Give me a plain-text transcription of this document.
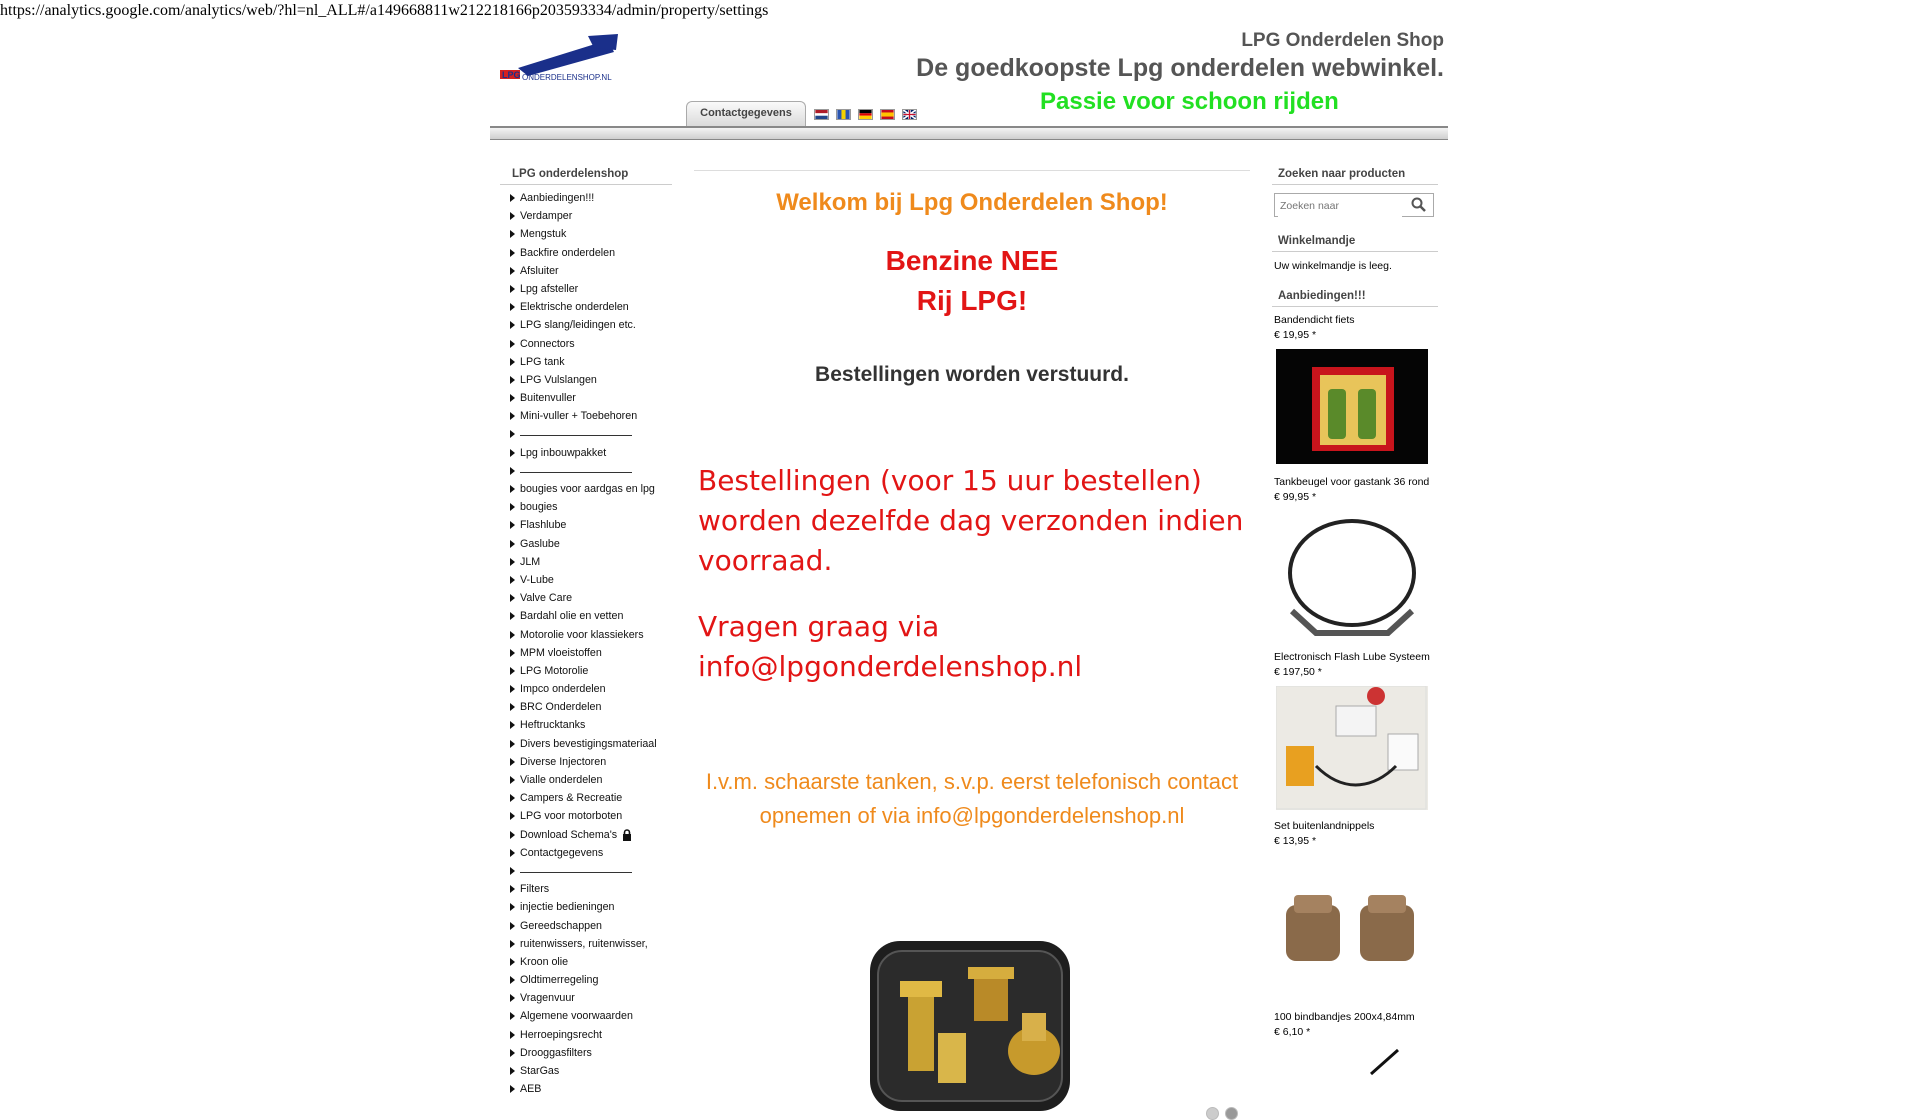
https://analytics.google.com/analytics/web/?hl=nl_ALL#/a149668811w212218166p203593334/admin/property/settings
LPG ONDERDELENSHOP.NL
LPG Onderdelen Shop
De goedkoopste Lpg onderdelen webwinkel.
Passie voor schoon rijden
Contactgegevens
LPG onderdelenshop
Aanbiedingen!!!
Verdamper
Mengstuk
Backfire onderdelen
Afsluiter
Lpg afsteller
Elektrische onderdelen
LPG slang/leidingen etc.
Connectors
LPG tank
LPG Vulslangen
Buitenvuller
Mini-vuller + Toebehoren
Lpg inbouwpakket
bougies voor aardgas en lpg
bougies
Flashlube
Gaslube
JLM
V-Lube
Valve Care
Bardahl olie en vetten
Motorolie voor klassiekers
MPM vloeistoffen
LPG Motorolie
Impco onderdelen
BRC Onderdelen
Heftrucktanks
Divers bevestigingsmateriaal
Diverse Injectoren
Vialle onderdelen
Campers & Recreatie
LPG voor motorboten
Download Schema's
Contactgegevens
Filters
injectie bedieningen
Gereedschappen
ruitenwissers, ruitenwisser,
Kroon olie
Oldtimerregeling
Vragenvuur
Algemene voorwaarden
Herroepingsrecht
Drooggasfilters
StarGas
AEB
Welkom bij Lpg Onderdelen Shop!
Benzine NEE
Rij LPG!
Bestellingen worden verstuurd.
Bestellingen (voor 15 uur bestellen) worden dezelfde dag verzonden indien voorraad.
Vragen graag via info@lpgonderdelenshop.nl
I.v.m. schaarste tanken, s.v.p. eerst telefonisch contact opnemen of via info@lpgonderdelenshop.nl
Zoeken naar producten
Zoeken naar
Winkelmandje
Uw winkelmandje is leeg.
Aanbiedingen!!!
Bandendicht fiets
€ 19,95 *
Tankbeugel voor gastank 36 rond
€ 99,95 *
Electronisch Flash Lube Systeem
€ 197,50 *
Set buitenlandnippels
€ 13,95 *
100 bindbandjes 200x4,84mm
€ 6,10 *
